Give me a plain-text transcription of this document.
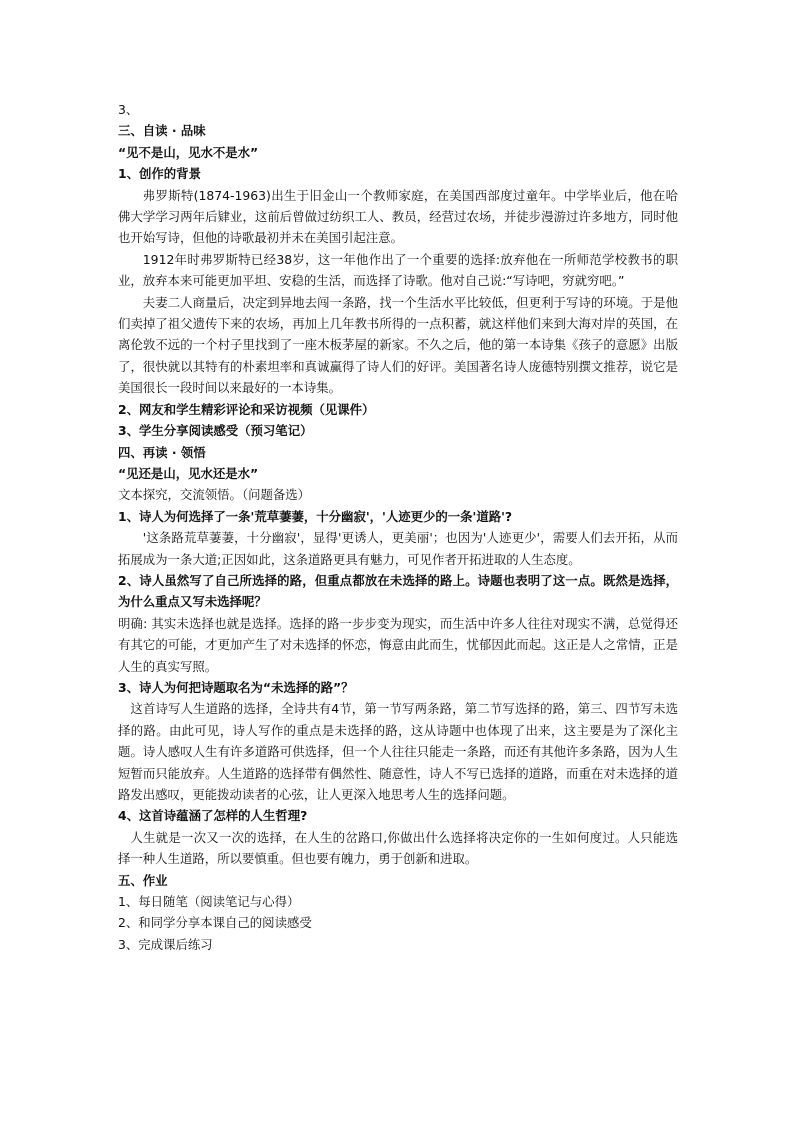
3、
三、自读 · 品味
“见不是山，见水不是水”
1、创作的背景
弗罗斯特(1874-1963)出生于旧金山一个教师家庭，在美国西部度过童年。中学毕业后，他在哈佛大学学习两年后肄业，这前后曾做过纺织工人、教员，经营过农场，并徒步漫游过许多地方，同时他也开始写诗，但他的诗歌最初并未在美国引起注意。
1912年时弗罗斯特已经38岁，这一年他作出了一个重要的选择:放弃他在一所师范学校教书的职业，放弃本来可能更加平坦、安稳的生活，而选择了诗歌。他对自己说:“写诗吧，穷就穷吧。”
夫妻二人商量后，决定到异地去闯一条路，找一个生活水平比较低，但更利于写诗的环境。于是他们卖掉了祖父遗传下来的农场，再加上几年教书所得的一点积蓄，就这样他们来到大海对岸的英国，在离伦敦不远的一个村子里找到了一座木板茅屋的新家。不久之后，他的第一本诗集《孩子的意愿》出版了，很快就以其特有的朴素坦率和真诚赢得了诗人们的好评。美国著名诗人庞德特别撰文推荐，说它是美国很长一段时间以来最好的一本诗集。
2、网友和学生精彩评论和采访视频（见课件）
3、学生分享阅读感受（预习笔记）
四、再读 · 领悟
“见还是山，见水还是水”
文本探究，交流领悟。（问题备选）
1、诗人为何选择了一条'荒草萋萋，十分幽寂'，'人迹更少的一条'道路'?
'这条路荒草萋萋，十分幽寂'，显得'更诱人，更美丽'；也因为'人迹更少'，需要人们去开拓，从而拓展成为一条大道;正因如此，这条道路更具有魅力，可见作者开拓进取的人生态度。
2、诗人虽然写了自己所选择的路，但重点都放在未选择的路上。诗题也表明了这一点。既然是选择，为什么重点又写未选择呢？
明确: 其实未选择也就是选择。选择的路一步步变为现实，而生活中许多人往往对现实不满，总觉得还有其它的可能，才更加产生了对未选择的怀恋，悔意由此而生，忧郁因此而起。这正是人之常情，正是人生的真实写照。
3、诗人为何把诗题取名为“未选择的路”？
这首诗写人生道路的选择，全诗共有4节，第一节写两条路，第二节写选择的路，第三、四节写未选择的路。由此可见，诗人写作的重点是未选择的路，这从诗题中也体现了出来，这主要是为了深化主题。诗人感叹人生有许多道路可供选择，但一个人往往只能走一条路，而还有其他许多条路，因为人生短暂而只能放弃。人生道路的选择带有偶然性、随意性，诗人不写已选择的道路，而重在对未选择的道路发出感叹，更能拨动读者的心弦，让人更深入地思考人生的选择问题。
4、这首诗蕴涵了怎样的人生哲理?
人生就是一次又一次的选择，在人生的岔路口,你做出什么选择将决定你的一生如何度过。人只能选择一种人生道路，所以要慎重。但也要有魄力，勇于创新和进取。
五、作业
1、每日随笔（阅读笔记与心得）
2、和同学分享本课自己的阅读感受
3、完成课后练习
